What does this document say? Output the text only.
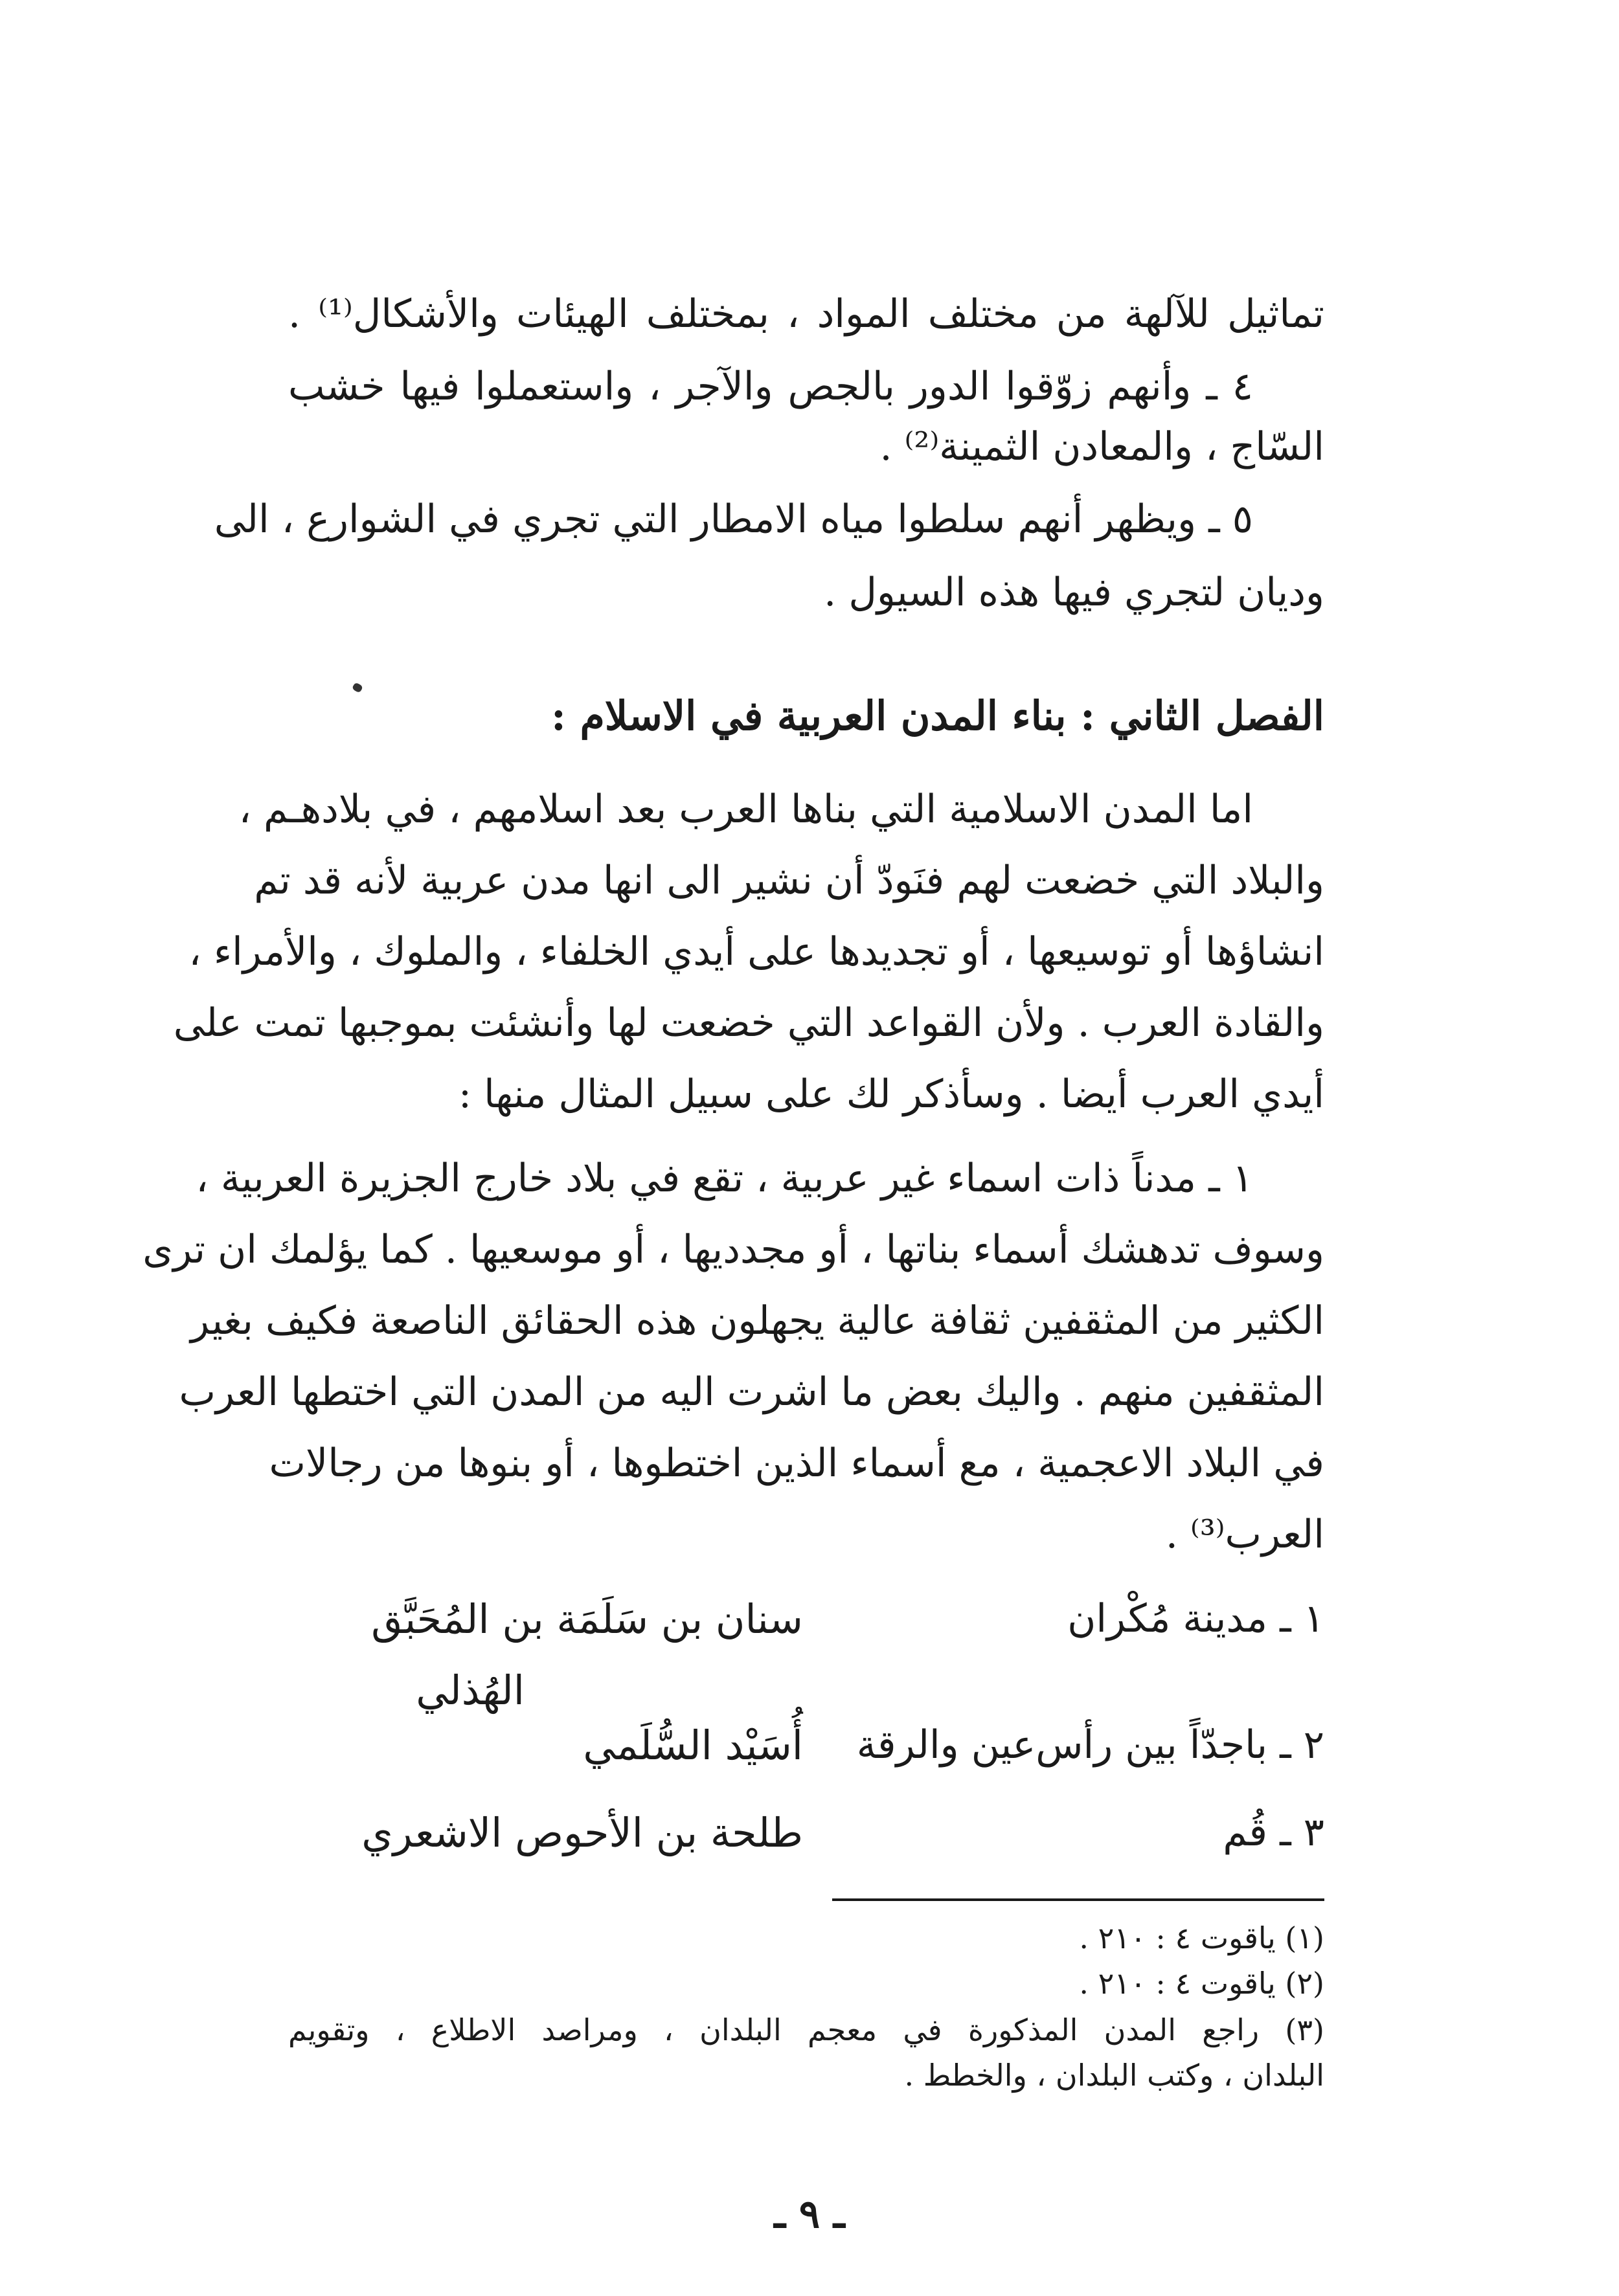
تماثيل للآلهة من مختلف المواد ، بمختلف الهيئات والأشكال⁽¹⁾ .
٤ ـ وأنهم زوّقوا الدور بالجص والآجر ، واستعملوا فيها خشب
السّاج ، والمعادن الثمينة⁽²⁾ .
٥ ـ ويظهر أنهم سلطوا مياه الامطار التي تجري في الشوارع ، الى
وديان لتجري فيها هذه السيول .
الفصل الثاني : بناء المدن العربية في الاسلام :
اما المدن الاسلامية التي بناها العرب بعد اسلامهم ، في بلادهـم ،
والبلاد التي خضعت لهم فنَودّ أن نشير الى انها مدن عربية لأنه قد تم
انشاؤها أو توسيعها ، أو تجديدها على أيدي الخلفاء ، والملوك ، والأمراء ،
والقادة العرب . ولأن القواعد التي خضعت لها وأنشئت بموجبها تمت على
أيدي العرب أيضا . وسأذكر لك على سبيل المثال منها :
١ ـ مدناً ذات اسماء غير عربية ، تقع في بلاد خارج الجزيرة العربية ،
وسوف تدهشك أسماء بناتها ، أو مجدديها ، أو موسعيها . كما يؤلمك ان ترى
الكثير من المثقفين ثقافة عالية يجهلون هذه الحقائق الناصعة فكيف بغير
المثقفين منهم . واليك بعض ما اشرت اليه من المدن التي اختطها العرب
في البلاد الاعجمية ، مع أسماء الذين اختطوها ، أو بنوها من رجالات
العرب⁽³⁾ .
١ ـ مدينة مُكْران
سنان بن سَلَمَة بن المُحَبَّق
الهُذلي
٢ ـ باجدّاً بين رأس‌عين والرقة
أُسَيْد السُّلَمي
٣ ـ قُم
طلحة بن الأحوص الاشعري
(١) ياقوت ٤ : ٢١٠ .
(٢) ياقوت ٤ : ٢١٠ .
(٣) راجع المدن المذكورة في معجم البلدان ، ومراصد الاطلاع ، وتقويم
البلدان ، وكتب البلدان ، والخطط .
ـ ٩ ـ
